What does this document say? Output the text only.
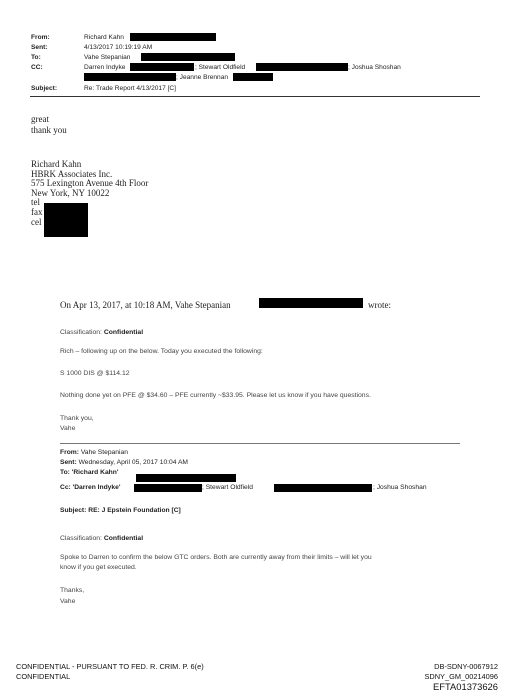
From:	Richard Kahn
Sent:	4/13/2017 10:19:19 AM
To:	Vahe Stepanian
CC:	Darren Indyke	; Stewart Oldfield	; Joshua Shoshan
; Jeanne Brennan
Subject:	Re: Trade Report 4/13/2017 [C]
great
thank you
Richard Kahn
HBRK Associates Inc.
575 Lexington Avenue 4th Floor
New York, NY 10022
tel
fax
cel
On Apr 13, 2017, at 10:18 AM, Vahe Stepanian	wrote:
Classification: Confidential
Rich – following up on the below. Today you executed the following:
S 1000 DIS @ $114.12
Nothing done yet on PFE @ $34.60 – PFE currently ~$33.95. Please let us know if you have questions.
Thank you,
Vahe
From: Vahe Stepanian
Sent: Wednesday, April 05, 2017 10:04 AM
To: 'Richard Kahn'
Cc: 'Darren Indyke'	; Stewart Oldfield	; Joshua Shoshan
Subject: RE: J Epstein Foundation [C]
Classification: Confidential
Spoke to Darren to confirm the below GTC orders. Both are currently away from their limits – will let you
know if you get executed.
Thanks,
Vahe
CONFIDENTIAL - PURSUANT TO FED. R. CRIM. P. 6(e)
CONFIDENTIAL
DB-SDNY-0067912
SDNY_GM_00214096
EFTA01373626
